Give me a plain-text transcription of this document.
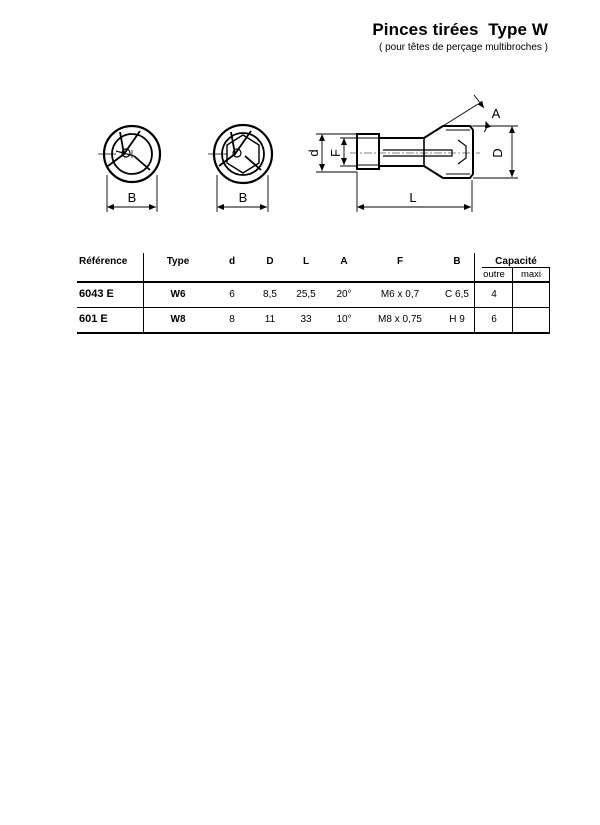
Pinces tirées Type W
( pour têtes de perçage multibroches )
B	B
d F	D
L
A
Référence	Type	d	D	L	A	F	B	Capacité
outre	maxi
6043 E	W6	6	8,5	25,5	20°	M6 x 0,7	C 6,5	4
601 E	W8	8	11	33	10°	M8 x 0,75	H 9	6
